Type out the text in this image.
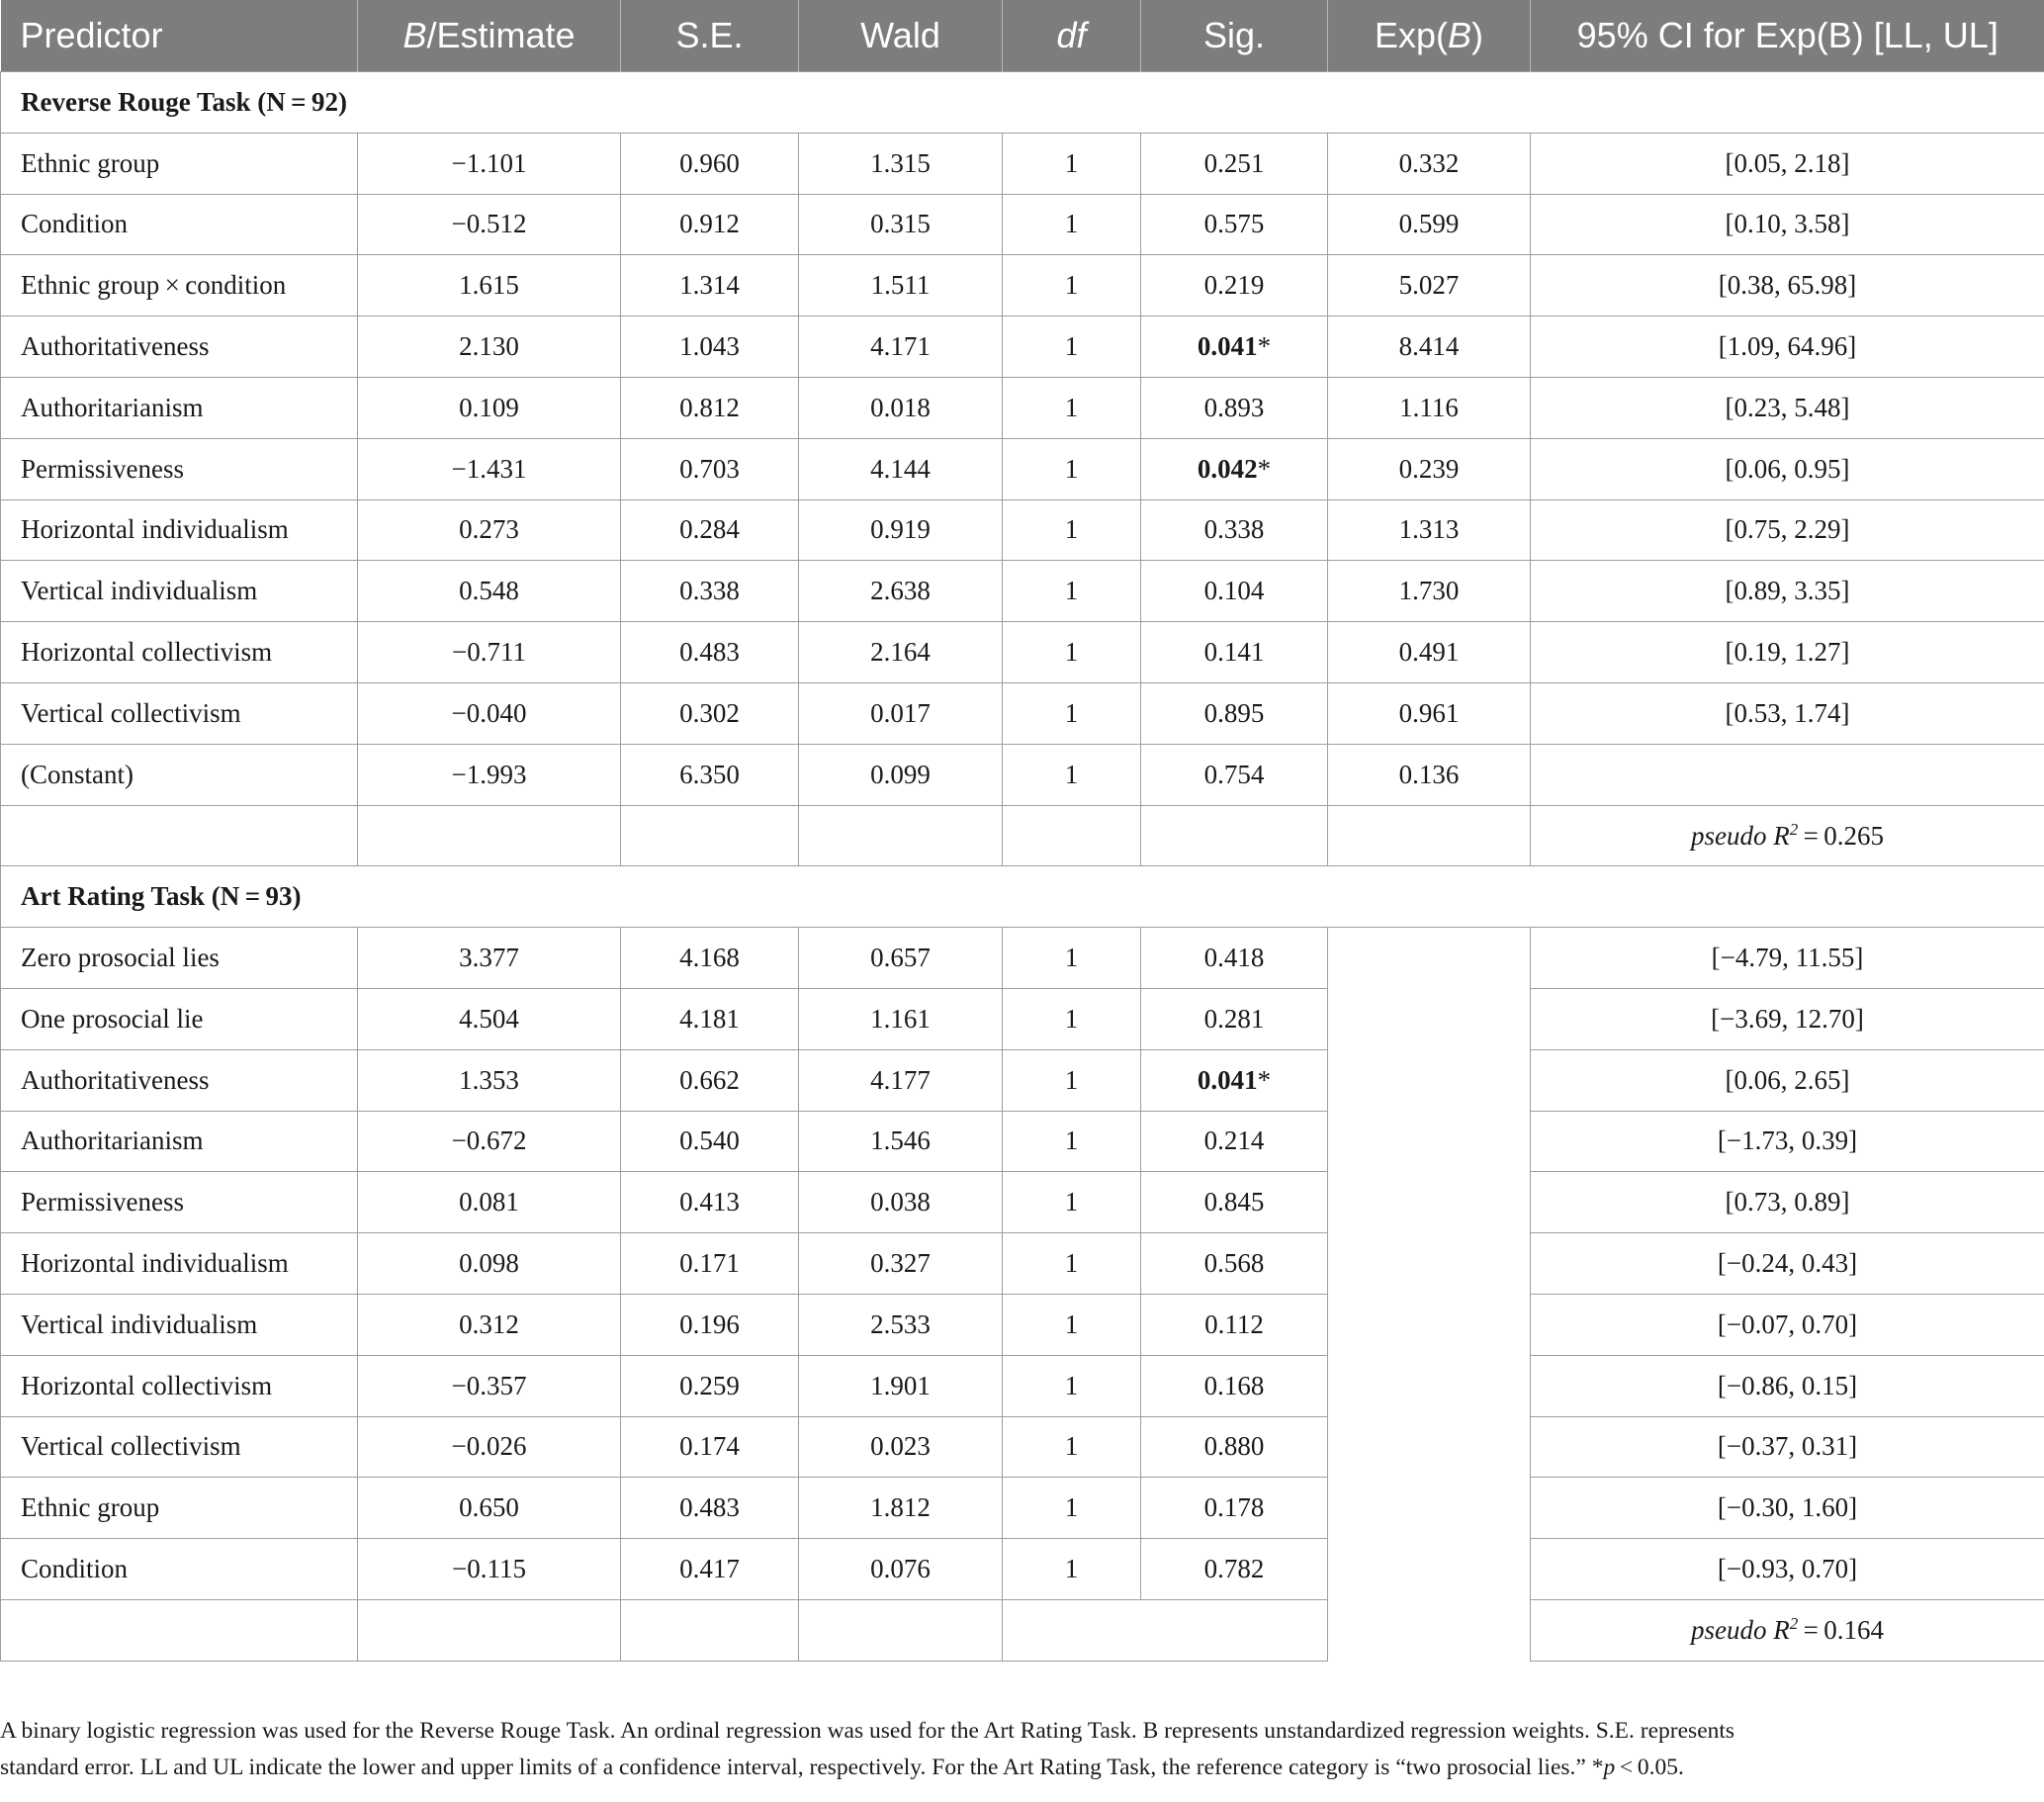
Predictor	B/Estimate	S.E.	Wald	df	Sig.	Exp(B)	95% CI for Exp(B) [LL, UL]
Reverse Rouge Task (N = 92)							
Ethnic group	−1.101	0.960	1.315	1	0.251	0.332	[0.05, 2.18]
Condition	−0.512	0.912	0.315	1	0.575	0.599	[0.10, 3.58]
Ethnic group × condition	1.615	1.314	1.511	1	0.219	5.027	[0.38, 65.98]
Authoritativeness	2.130	1.043	4.171	1	0.041*	8.414	[1.09, 64.96]
Authoritarianism	0.109	0.812	0.018	1	0.893	1.116	[0.23, 5.48]
Permissiveness	−1.431	0.703	4.144	1	0.042*	0.239	[0.06, 0.95]
Horizontal individualism	0.273	0.284	0.919	1	0.338	1.313	[0.75, 2.29]
Vertical individualism	0.548	0.338	2.638	1	0.104	1.730	[0.89, 3.35]
Horizontal collectivism	−0.711	0.483	2.164	1	0.141	0.491	[0.19, 1.27]
Vertical collectivism	−0.040	0.302	0.017	1	0.895	0.961	[0.53, 1.74]
(Constant)	−1.993	6.350	0.099	1	0.754	0.136	
							pseudo $R^2 = 0.265$
Art Rating Task (N = 93)							
Zero prosocial lies	3.377	4.168	0.657	1	0.418		[−4.79, 11.55]
One prosocial lie	4.504	4.181	1.161	1	0.281		[−3.69, 12.70]
Authoritativeness	1.353	0.662	4.177	1	0.041*		[0.06, 2.65]
Authoritarianism	−0.672	0.540	1.546	1	0.214		[−1.73, 0.39]
Permissiveness	0.081	0.413	0.038	1	0.845		[0.73, 0.89]
Horizontal individualism	0.098	0.171	0.327	1	0.568		[−0.24, 0.43]
Vertical individualism	0.312	0.196	2.533	1	0.112		[−0.07, 0.70]
Horizontal collectivism	−0.357	0.259	1.901	1	0.168		[−0.86, 0.15]
Vertical collectivism	−0.026	0.174	0.023	1	0.880		[−0.37, 0.31]
Ethnic group	0.650	0.483	1.812	1	0.178		[−0.30, 1.60]
Condition	−0.115	0.417	0.076	1	0.782		[−0.93, 0.70]
							pseudo $R^2 = 0.164$

A binary logistic regression was used for the Reverse Rouge Task. An ordinal regression was used for the Art Rating Task. B represents unstandardized regression weights. S.E. represents

standard error. LL and UL indicate the lower and upper limits of a confidence interval, respectively. For the Art Rating Task, the reference category is “two prosocial lies.” *p < 0.05.
